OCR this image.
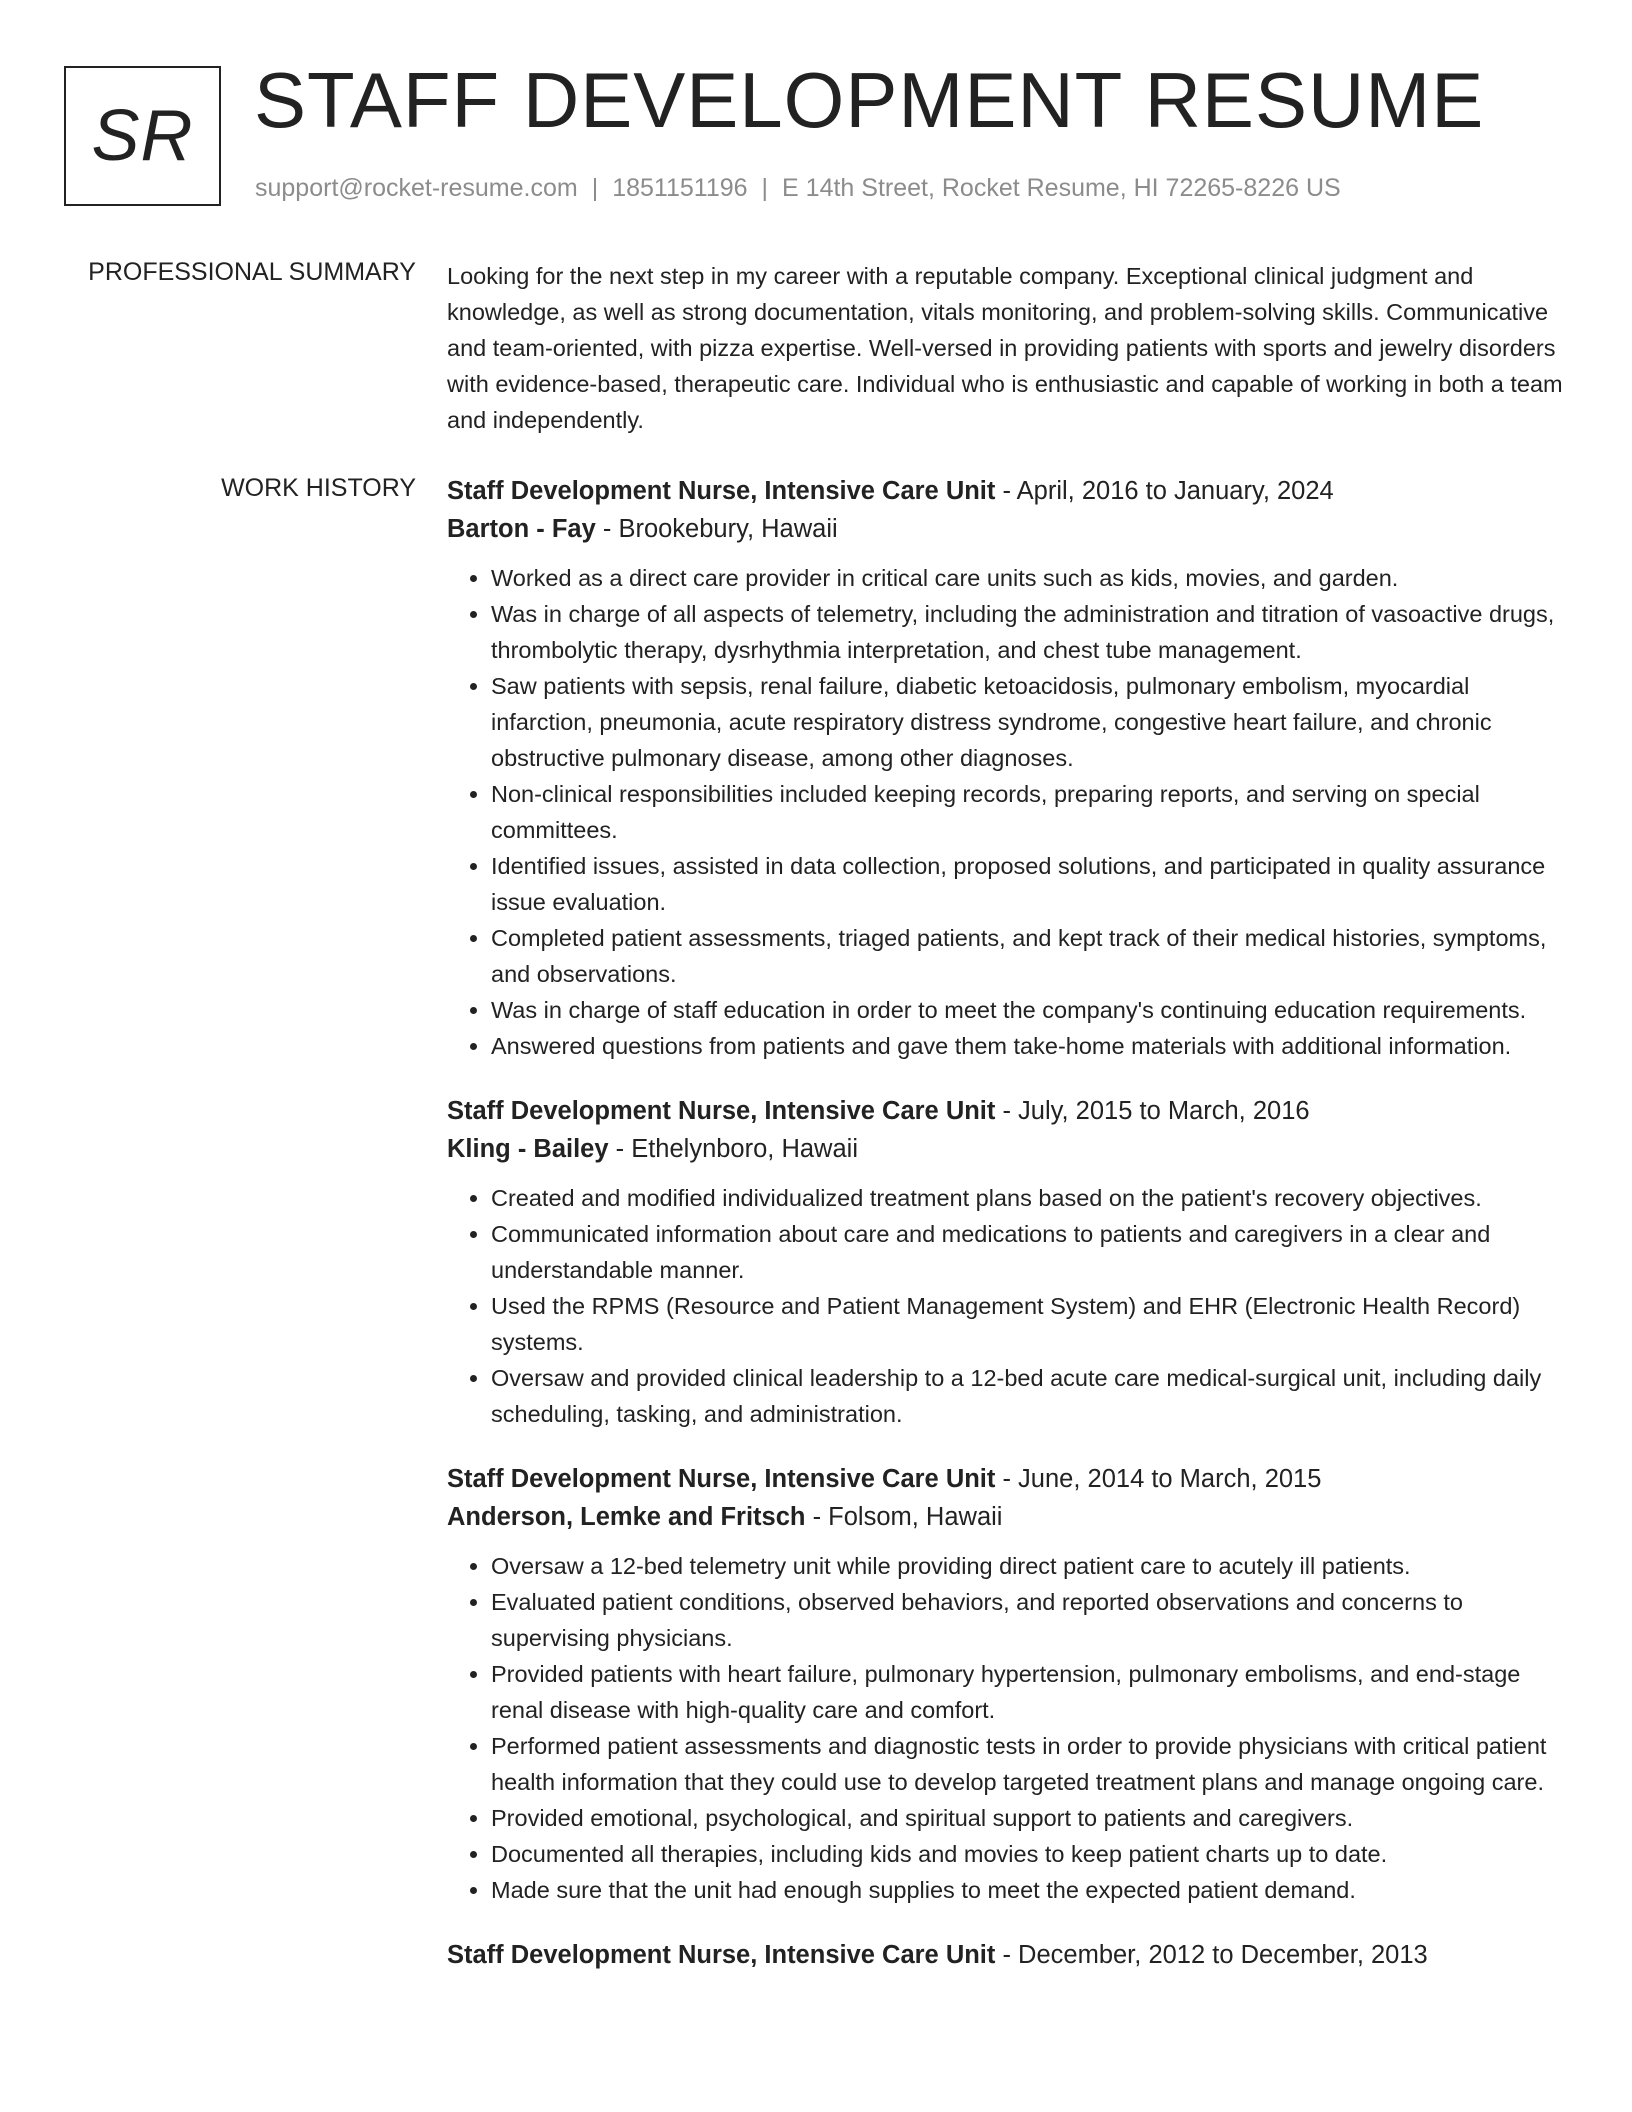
SR STAFF DEVELOPMENT RESUME
support@rocket-resume.com | 1851151196 | E 14th Street, Rocket Resume, HI 72265-8226 US
PROFESSIONAL SUMMARY Looking for the next step in my career with a reputable company. Exceptional clinical judgment and knowledge, as well as strong documentation, vitals monitoring, and problem-solving skills. Communicative and team-oriented, with pizza expertise. Well-versed in providing patients with sports and jewelry disorders with evidence-based, therapeutic care. Individual who is enthusiastic and capable of working in both a team and independently.

WORK HISTORY Staff Development Nurse, Intensive Care Unit - April, 2016 to January, 2024
Barton - Fay - Brookebury, Hawaii
• Worked as a direct care provider in critical care units such as kids, movies, and garden.
• Was in charge of all aspects of telemetry, including the administration and titration of vasoactive drugs, thrombolytic therapy, dysrhythmia interpretation, and chest tube management.
• Saw patients with sepsis, renal failure, diabetic ketoacidosis, pulmonary embolism, myocardial infarction, pneumonia, acute respiratory distress syndrome, congestive heart failure, and chronic obstructive pulmonary disease, among other diagnoses.
• Non-clinical responsibilities included keeping records, preparing reports, and serving on special committees.
• Identified issues, assisted in data collection, proposed solutions, and participated in quality assurance issue evaluation.
• Completed patient assessments, triaged patients, and kept track of their medical histories, symptoms, and observations.
• Was in charge of staff education in order to meet the company's continuing education requirements.
• Answered questions from patients and gave them take-home materials with additional information.
Staff Development Nurse, Intensive Care Unit - July, 2015 to March, 2016
Kling - Bailey - Ethelynboro, Hawaii
• Created and modified individualized treatment plans based on the patient's recovery objectives.
• Communicated information about care and medications to patients and caregivers in a clear and understandable manner.
• Used the RPMS (Resource and Patient Management System) and EHR (Electronic Health Record) systems.
• Oversaw and provided clinical leadership to a 12-bed acute care medical-surgical unit, including daily scheduling, tasking, and administration.
Staff Development Nurse, Intensive Care Unit - June, 2014 to March, 2015
Anderson, Lemke and Fritsch - Folsom, Hawaii
• Oversaw a 12-bed telemetry unit while providing direct patient care to acutely ill patients.
• Evaluated patient conditions, observed behaviors, and reported observations and concerns to supervising physicians.
• Provided patients with heart failure, pulmonary hypertension, pulmonary embolisms, and end-stage renal disease with high-quality care and comfort.
• Performed patient assessments and diagnostic tests in order to provide physicians with critical patient health information that they could use to develop targeted treatment plans and manage ongoing care.
• Provided emotional, psychological, and spiritual support to patients and caregivers.
• Documented all therapies, including kids and movies to keep patient charts up to date.
• Made sure that the unit had enough supplies to meet the expected patient demand.
Staff Development Nurse, Intensive Care Unit - December, 2012 to December, 2013
